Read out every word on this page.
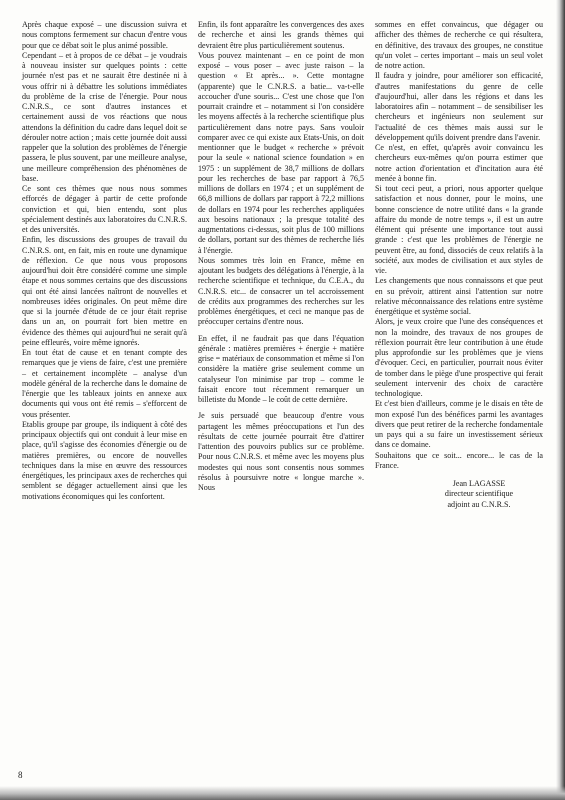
Après chaque exposé – une discussion suivra et nous comptons fermement sur chacun d'entre vous pour que ce débat soit le plus animé possible.

Cependant – et à propos de ce débat – je voudrais à nouveau insister sur quelques points : cette journée n'est pas et ne saurait être destinée ni à vous offrir ni à débattre les solutions immédiates du problème de la crise de l'énergie. Pour nous C.N.R.S., ce sont d'autres instances et certainement aussi de vos réactions que nous attendons la définition du cadre dans lequel doit se dérouler notre action ; mais cette journée doit aussi rappeler que la solution des problèmes de l'énergie passera, le plus souvent, par une meilleure analyse, une meilleure compréhension des phénomènes de base.

Ce sont ces thèmes que nous nous sommes efforcés de dégager à partir de cette profonde conviction et qui, bien entendu, sont plus spécialement destinés aux laboratoires du C.N.R.S. et des universités.

Enfin, les discussions des groupes de travail du C.N.R.S. ont, en fait, mis en route une dynamique de réflexion. Ce que nous vous proposons aujourd'hui doit être considéré comme une simple étape et nous sommes certains que des discussions qui ont été ainsi lancées naîtront de nouvelles et nombreuses idées originales. On peut même dire que si la journée d'étude de ce jour était reprise dans un an, on pourrait fort bien mettre en évidence des thèmes qui aujourd'hui ne serait qu'à peine effleurés, voire même ignorés.

En tout état de cause et en tenant compte des remarques que je viens de faire, c'est une première – et certainement incomplète – analyse d'un modèle général de la recherche dans le domaine de l'énergie que les tableaux joints en annexe aux documents qui vous ont été remis – s'efforcent de vous présenter.

Etablis groupe par groupe, ils indiquent à côté des principaux objectifs qui ont conduit à leur mise en place, qu'il s'agisse des économies d'énergie ou de matières premières, ou encore de nouvelles techniques dans la mise en œuvre des ressources énergétiques, les principaux axes de recherches qui semblent se dégager actuellement ainsi que les motivations économiques qui les confortent.

Enfin, ils font apparaître les convergences des axes de recherche et ainsi les grands thèmes qui devraient être plus particulièrement soutenus.

Vous pouvez maintenant – en ce point de mon exposé – vous poser – avec juste raison – la question « Et après... ». Cette montagne (apparente) que le C.N.R.S. a batie... va-t-elle accoucher d'une souris... C'est une chose que l'on pourrait craindre et – notamment si l'on considère les moyens affectés à la recherche scientifique plus particulièrement dans notre pays. Sans vouloir comparer avec ce qui existe aux Etats-Unis, on doit mentionner que le budget « recherche » prévoit pour la seule « national science foundation » en 1975 : un supplément de 38,7 millions de dollars pour les recherches de base par rapport à 76,5 millions de dollars en 1974 ; et un supplément de 66,8 millions de dollars par rapport à 72,2 millions de dollars en 1974 pour les recherches appliquées aux besoins nationaux ; la presque totalité des augmentations ci-dessus, soit plus de 100 millions de dollars, portant sur des thèmes de recherche liés à l'énergie.

Nous sommes très loin en France, même en ajoutant les budgets des délégations à l'énergie, à la recherche scientifique et technique, du C.E.A., du C.N.R.S. etc... de consacrer un tel accroissement de crédits aux programmes des recherches sur les problèmes énergétiques, et ceci ne manque pas de préoccuper certains d'entre nous.

En effet, il ne faudrait pas que dans l'équation générale : matières premières + énergie + matière grise = matériaux de consommation et même si l'on considère la matière grise seulement comme un catalyseur l'on minimise par trop – comme le faisait encore tout récemment remarquer un billetiste du Monde – le coût de cette dernière.

Je suis persuadé que beaucoup d'entre vous partagent les mêmes préoccupations et l'un des résultats de cette journée pourrait être d'attirer l'attention des pouvoirs publics sur ce problème. Pour nous C.N.R.S. et même avec les moyens plus modestes qui nous sont consentis nous sommes résolus à poursuivre notre « longue marche ». Nous

sommes en effet convaincus, que dégager ou afficher des thèmes de recherche ce qui résultera, en définitive, des travaux des groupes, ne constitue qu'un volet – certes important – mais un seul volet de notre action.

Il faudra y joindre, pour améliorer son efficacité, d'autres manifestations du genre de celle d'aujourd'hui, aller dans les régions et dans les laboratoires afin – notamment – de sensibiliser les chercheurs et ingénieurs non seulement sur l'actualité de ces thèmes mais aussi sur le développement qu'ils doivent prendre dans l'avenir.

Ce n'est, en effet, qu'après avoir convaincu les chercheurs eux-mêmes qu'on pourra estimer que notre action d'orientation et d'incitation aura été menée à bonne fin.

Si tout ceci peut, a priori, nous apporter quelque satisfaction et nous donner, pour le moins, une bonne conscience de notre utilité dans « la grande affaire du monde de notre temps », il est un autre élément qui présente une importance tout aussi grande : c'est que les problèmes de l'énergie ne peuvent être, au fond, dissociés de ceux relatifs à la société, aux modes de civilisation et aux styles de vie.

Les changements que nous connaissons et que peut en su prévoir, attirent ainsi l'attention sur notre relative méconnaissance des relations entre système énergétique et système social.

Alors, je veux croire que l'une des conséquences et non la moindre, des travaux de nos groupes de réflexion pourrait être leur contribution à une étude plus approfondie sur les problèmes que je viens d'évoquer. Ceci, en particulier, pourrait nous éviter de tomber dans le piège d'une prospective qui ferait seulement intervenir des choix de caractère technologique.

Et c'est bien d'ailleurs, comme je le disais en tête de mon exposé l'un des bénéfices parmi les avantages divers que peut retirer de la recherche fondamentale un pays qui a su faire un investissement sérieux dans ce domaine.

Souhaitons que ce soit... encore... le cas de la France.

Jean LAGASSE
directeur scientifique
adjoint au C.N.R.S.
8
